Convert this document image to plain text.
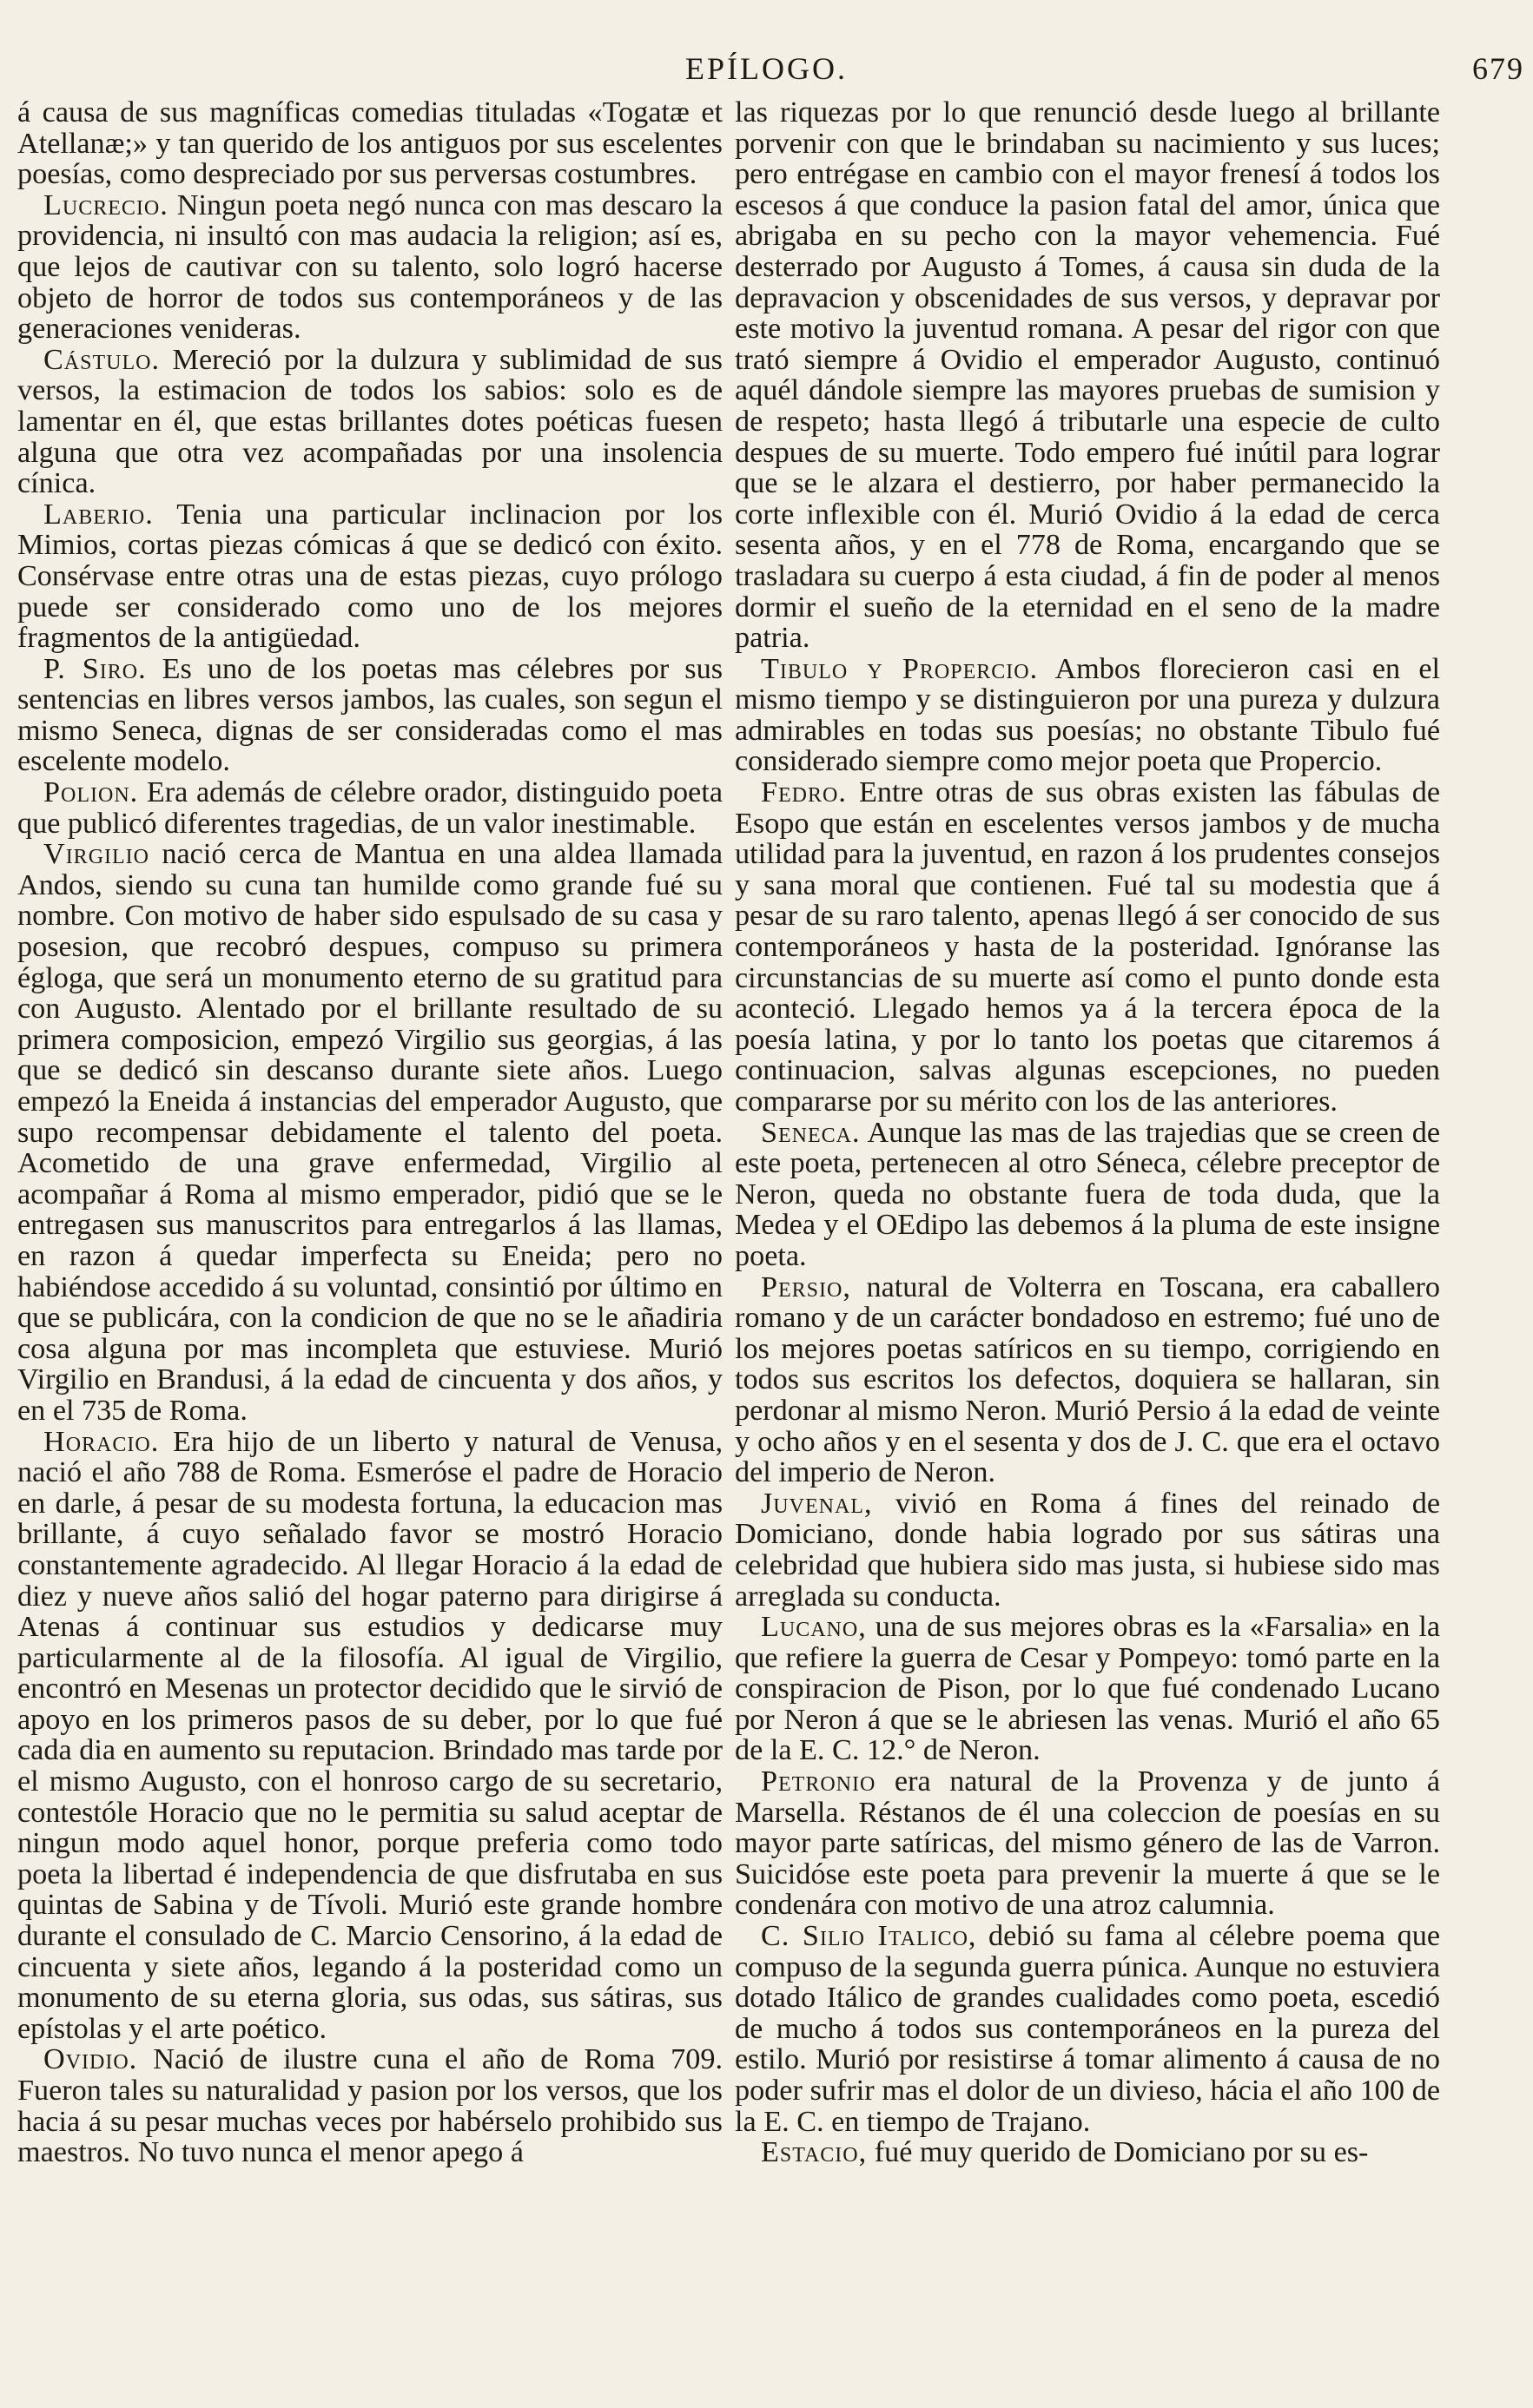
EPÍLOGO.	679

á causa de sus magníficas comedias tituladas «Togatæ et Atellanæ;» y tan querido de los antiguos por sus escelentes poesías, como despreciado por sus perversas costumbres.

Lucrecio. Ningun poeta negó nunca con mas descaro la providencia, ni insultó con mas audacia la religion; así es, que lejos de cautivar con su talento, solo logró hacerse objeto de horror de todos sus contemporáneos y de las generaciones venideras.

Cástulo. Mereció por la dulzura y sublimidad de sus versos, la estimacion de todos los sabios: solo es de lamentar en él, que estas brillantes dotes poéticas fuesen alguna que otra vez acompañadas por una insolencia cínica.

Laberio. Tenia una particular inclinacion por los Mimios, cortas piezas cómicas á que se dedicó con éxito. Consérvase entre otras una de estas piezas, cuyo prólogo puede ser considerado como uno de los mejores fragmentos de la antigüedad.

P. Siro. Es uno de los poetas mas célebres por sus sentencias en libres versos jambos, las cuales, son segun el mismo Seneca, dignas de ser consideradas como el mas escelente modelo.

Polion. Era además de célebre orador, distinguido poeta que publicó diferentes tragedias, de un valor inestimable.

Virgilio nació cerca de Mantua en una aldea llamada Andos, siendo su cuna tan humilde como grande fué su nombre. Con motivo de haber sido espulsado de su casa y posesion, que recobró despues, compuso su primera égloga, que será un monumento eterno de su gratitud para con Augusto. Alentado por el brillante resultado de su primera composicion, empezó Virgilio sus georgias, á las que se dedicó sin descanso durante siete años. Luego empezó la Eneida á instancias del emperador Augusto, que supo recompensar debidamente el talento del poeta. Acometido de una grave enfermedad, Virgilio al acompañar á Roma al mismo emperador, pidió que se le entregasen sus manuscritos para entregarlos á las llamas, en razon á quedar imperfecta su Eneida; pero no habiéndose accedido á su voluntad, consintió por último en que se publicára, con la condicion de que no se le añadiria cosa alguna por mas incompleta que estuviese. Murió Virgilio en Brandusi, á la edad de cincuenta y dos años, y en el 735 de Roma.

Horacio. Era hijo de un liberto y natural de Venusa, nació el año 788 de Roma. Esmeróse el padre de Horacio en darle, á pesar de su modesta fortuna, la educacion mas brillante, á cuyo señalado favor se mostró Horacio constantemente agradecido. Al llegar Horacio á la edad de diez y nueve años salió del hogar paterno para dirigirse á Atenas á continuar sus estudios y dedicarse muy particularmente al de la filosofía. Al igual de Virgilio, encontró en Mesenas un protector decidido que le sirvió de apoyo en los primeros pasos de su deber, por lo que fué cada dia en aumento su reputacion. Brindado mas tarde por el mismo Augusto, con el honroso cargo de su secretario, contestóle Horacio que no le permitia su salud aceptar de ningun modo aquel honor, porque preferia como todo poeta la libertad é independencia de que disfrutaba en sus quintas de Sabina y de Tívoli. Murió este grande hombre durante el consulado de C. Marcio Censorino, á la edad de cincuenta y siete años, legando á la posteridad como un monumento de su eterna gloria, sus odas, sus sátiras, sus epístolas y el arte poético.

Ovidio. Nació de ilustre cuna el año de Roma 709. Fueron tales su naturalidad y pasion por los versos, que los hacia á su pesar muchas veces por habérselo prohibido sus maestros. No tuvo nunca el menor apego á

las riquezas por lo que renunció desde luego al brillante porvenir con que le brindaban su nacimiento y sus luces; pero entrégase en cambio con el mayor frenesí á todos los escesos á que conduce la pasion fatal del amor, única que abrigaba en su pecho con la mayor vehemencia. Fué desterrado por Augusto á Tomes, á causa sin duda de la depravacion y obscenidades de sus versos, y depravar por este motivo la juventud romana. A pesar del rigor con que trató siempre á Ovidio el emperador Augusto, continuó aquél dándole siempre las mayores pruebas de sumision y de respeto; hasta llegó á tributarle una especie de culto despues de su muerte. Todo empero fué inútil para lograr que se le alzara el destierro, por haber permanecido la corte inflexible con él. Murió Ovidio á la edad de cerca sesenta años, y en el 778 de Roma, encargando que se trasladara su cuerpo á esta ciudad, á fin de poder al menos dormir el sueño de la eternidad en el seno de la madre patria.

Tibulo y Propercio. Ambos florecieron casi en el mismo tiempo y se distinguieron por una pureza y dulzura admirables en todas sus poesías; no obstante Tibulo fué considerado siempre como mejor poeta que Propercio.

Fedro. Entre otras de sus obras existen las fábulas de Esopo que están en escelentes versos jambos y de mucha utilidad para la juventud, en razon á los prudentes consejos y sana moral que contienen. Fué tal su modestia que á pesar de su raro talento, apenas llegó á ser conocido de sus contemporáneos y hasta de la posteridad. Ignóranse las circunstancias de su muerte así como el punto donde esta aconteció. Llegado hemos ya á la tercera época de la poesía latina, y por lo tanto los poetas que citaremos á continuacion, salvas algunas escepciones, no pueden compararse por su mérito con los de las anteriores.

Seneca. Aunque las mas de las trajedias que se creen de este poeta, pertenecen al otro Séneca, célebre preceptor de Neron, queda no obstante fuera de toda duda, que la Medea y el OEdipo las debemos á la pluma de este insigne poeta.

Persio, natural de Volterra en Toscana, era caballero romano y de un carácter bondadoso en estremo; fué uno de los mejores poetas satíricos en su tiempo, corrigiendo en todos sus escritos los defectos, doquiera se hallaran, sin perdonar al mismo Neron. Murió Persio á la edad de veinte y ocho años y en el sesenta y dos de J. C. que era el octavo del imperio de Neron.

Juvenal, vivió en Roma á fines del reinado de Domiciano, donde habia logrado por sus sátiras una celebridad que hubiera sido mas justa, si hubiese sido mas arreglada su conducta.

Lucano, una de sus mejores obras es la «Farsalia» en la que refiere la guerra de Cesar y Pompeyo: tomó parte en la conspiracion de Pison, por lo que fué condenado Lucano por Neron á que se le abriesen las venas. Murió el año 65 de la E. C. 12.° de Neron.

Petronio era natural de la Provenza y de junto á Marsella. Réstanos de él una coleccion de poesías en su mayor parte satíricas, del mismo género de las de Varron. Suicidóse este poeta para prevenir la muerte á que se le condenára con motivo de una atroz calumnia.

C. Silio Italico, debió su fama al célebre poema que compuso de la segunda guerra púnica. Aunque no estuviera dotado Itálico de grandes cualidades como poeta, escedió de mucho á todos sus contemporáneos en la pureza del estilo. Murió por resistirse á tomar alimento á causa de no poder sufrir mas el dolor de un divieso, hácia el año 100 de la E. C. en tiempo de Trajano.

Estacio, fué muy querido de Domiciano por su es-
